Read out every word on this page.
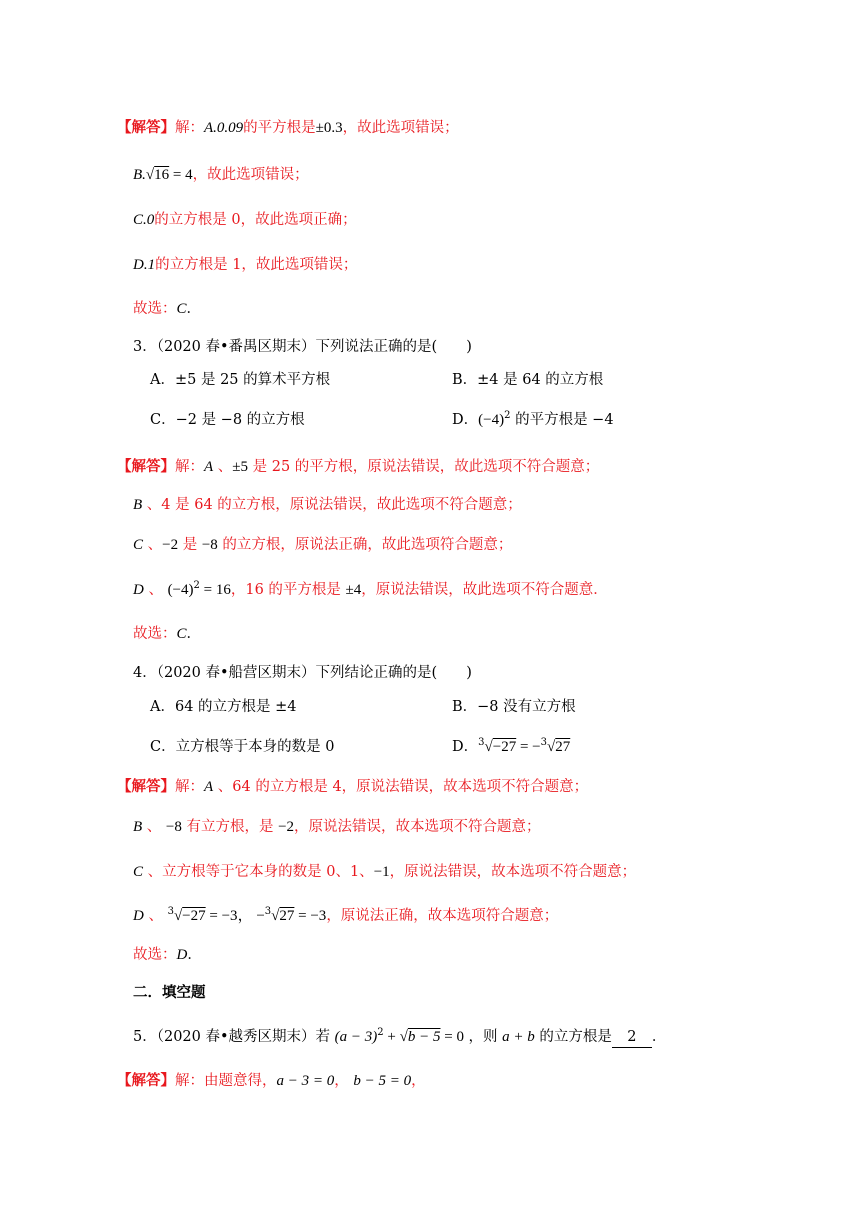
【解答】解：A.0.09的平方根是±0.3，故此选项错误；
B.√16 = 4，故此选项错误；
C.0的立方根是 0，故此选项正确；
D.1的立方根是 1，故此选项错误；
故选：C．
3．（2020 春•番禺区期末）下列说法正确的是(　　)
A．±5 是 25 的算术平方根	B．±4 是 64 的立方根
C．−2 是 −8 的立方根	D．$(-4)^2$ 的平方根是 −4
【解答】解：A 、±5 是 25 的平方根，原说法错误，故此选项不符合题意；
B 、4 是 64 的立方根，原说法错误，故此选项不符合题意；
C 、−2 是 −8 的立方根，原说法正确，故此选项符合题意；
D 、 $(-4)^2 = 16$，16 的平方根是 ±4，原说法错误，故此选项不符合题意．
故选：C．
4．（2020 春•船营区期末）下列结论正确的是(　　)
A．64 的立方根是 ±4	B．−8 没有立方根
C．立方根等于本身的数是 0	D．$^3$√−27 = −$^3$√27
【解答】解：A 、64 的立方根是 4，原说法错误，故本选项不符合题意；
B 、 −8 有立方根，是 −2，原说法错误，故本选项不符合题意；
C 、立方根等于它本身的数是 0、1、−1，原说法错误，故本选项不符合题意；
D 、 $^3$√−27 = −3， −$^3$√27 = −3，原说法正确，故本选项符合题意；
故选：D．
二．填空题
5．（2020 春•越秀区期末）若 $(a - 3)^2 + √b - 5 = 0$ ，则 a + b 的立方根是 2 ．
【解答】解：由题意得，a − 3 = 0， b − 5 = 0，
